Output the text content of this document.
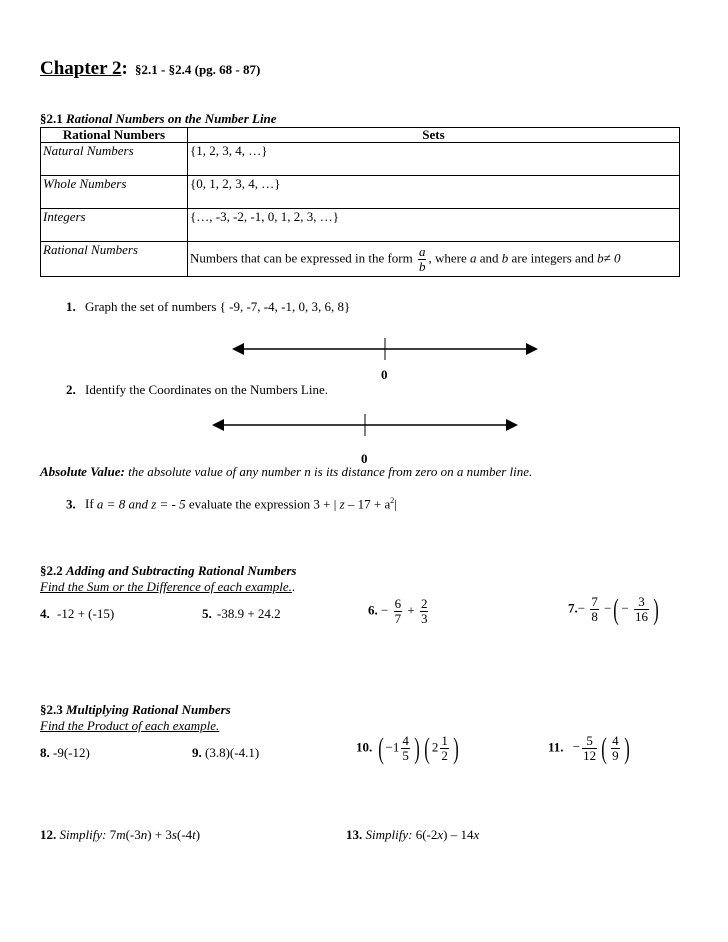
Chapter 2: §2.1 - §2.4 (pg. 68 - 87)
§2.1 Rational Numbers on the Number Line
Rational Numbers	Sets
Natural Numbers	{1, 2, 3, 4, …}
Whole Numbers	{0, 1, 2, 3, 4, …}
Integers	{…, -3, -2, -1, 0, 1, 2, 3, …}
Rational Numbers	Numbers that can be expressed in the form $\frac{a}{b}$ , where a and b are integers and b≠ 0
1. Graph the set of numbers { -9, -7, -4, -1, 0, 3, 6, 8}
0
2. Identify the Coordinates on the Numbers Line.
0
Absolute Value: the absolute value of any number n is its distance from zero on a number line.
3. If a = 8 and z = - 5 evaluate the expression 3 + | $z - 17 + a^2|$
§2.2 Adding and Subtracting Rational Numbers
Find the Sum or the Difference of each example..
4. -12 + (-15)	5. -38.9 + 24.2	6. − $\frac{6}{7} + \frac{2}{3}$	$7.- \frac{7}{8}$ −( − $\frac{3}{16}$ )
§2.3 Multiplying Rational Numbers
Find the Product of each example.
8. -9(-12)	9. (3.8)(-4.1)	10. ( $-1 \frac{4}{5}$ ) ( $2 \frac{1}{2}$ )	11. − $\frac{5}{12}$ ( $\frac{4}{9}$ )
12. Simplify: 7m(-3n) + 3s(-4t)	13. Simplify: 6(-2x) – 14x
